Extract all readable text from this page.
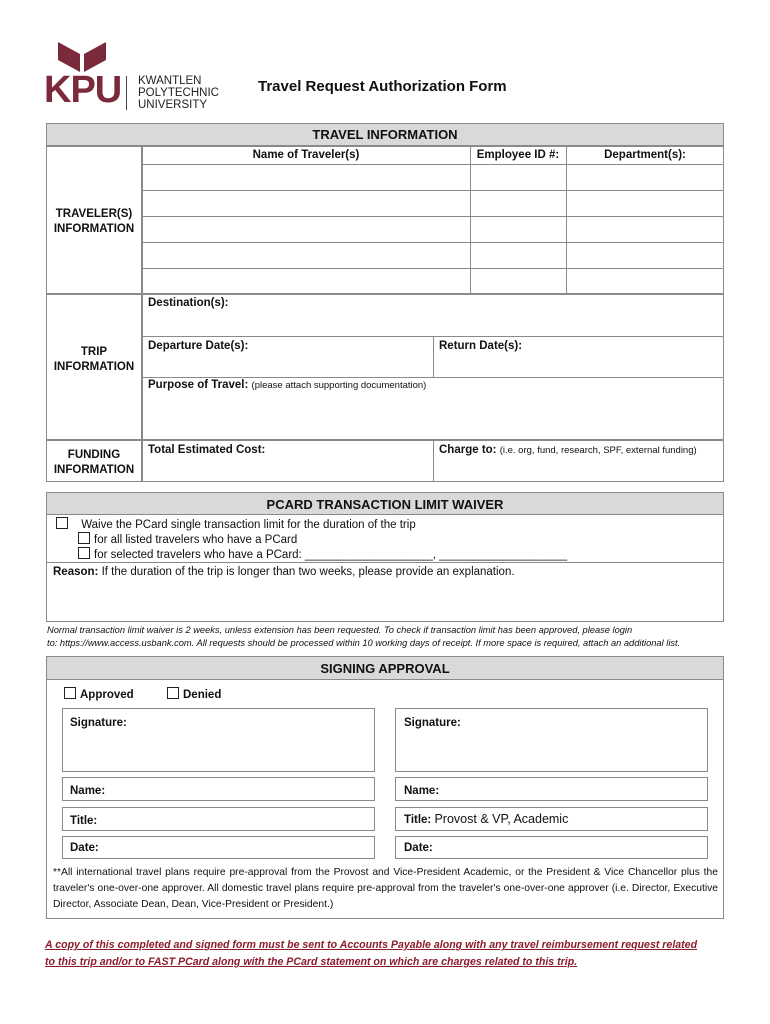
KPU KWANTLEN
POLYTECHNIC
UNIVERSITY
Travel Request Authorization Form
TRAVEL INFORMATION
TRAVELER(S)
INFORMATION
TRIP
INFORMATION
FUNDING
INFORMATION
Name of Traveler(s)	Employee ID #:	Department(s):
Destination(s):
Departure Date(s):	Return Date(s):
Purpose of Travel: (please attach supporting documentation)
Total Estimated Cost:	Charge to: (i.e. org, fund, research, SPF, external funding)
PCARD TRANSACTION LIMIT WAIVER
Waive the PCard single transaction limit for the duration of the trip
for all listed travelers who have a PCard
for selected travelers who have a PCard: ____________________, ____________________
Reason: If the duration of the trip is longer than two weeks, please provide an explanation.
Normal transaction limit waiver is 2 weeks, unless extension has been requested. To check if transaction limit has been approved, please login
to: https://www.access.usbank.com. All requests should be processed within 10 working days of receipt. If more space is required, attach an additional list.
SIGNING APPROVAL
Approved	Denied
Signature:
Name:
Title:
Date:
Signature:
Name:
Title: Provost & VP, Academic
Date:
**All international travel plans require pre-approval from the Provost and Vice-President Academic, or the President & Vice Chancellor plus the traveler's one-over-one approver. All domestic travel plans require pre-approval from the traveler's one-over-one approver (i.e. Director, Executive Director, Associate Dean, Dean, Vice-President or President.)
A copy of this completed and signed form must be sent to Accounts Payable along with any travel reimbursement request related
to this trip and/or to FAST PCard along with the PCard statement on which are charges related to this trip.
